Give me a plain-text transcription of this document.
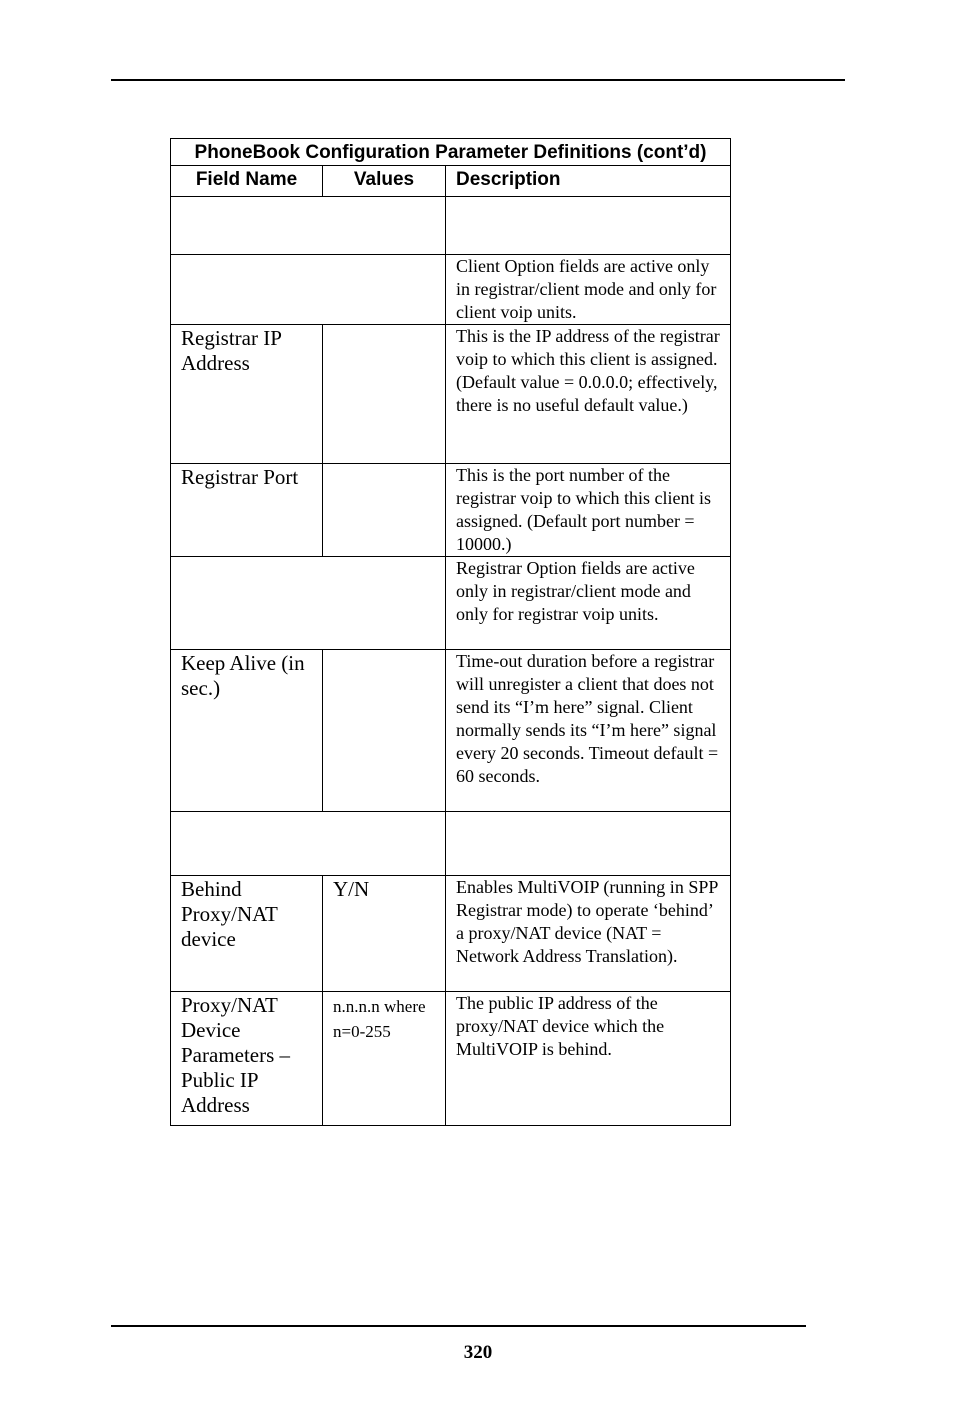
PhoneBook Configuration Parameter Definitions (cont’d)		
Field Name	Values	Description

		Client Option fields are active only in registrar/client mode and only for client voip units.
Registrar IP Address		This is the IP address of the registrar voip to which this client is assigned. (Default value = 0.0.0.0; effectively, there is no useful default value.)
Registrar Port		This is the port number of the registrar voip to which this client is assigned. (Default port number = 10000.)
		Registrar Option fields are active only in registrar/client mode and only for registrar voip units.
Keep Alive (in sec.)		Time-out duration before a registrar will unregister a client that does not send its “I’m here” signal. Client normally sends its “I’m here” signal every 20 seconds. Timeout default = 60 seconds.

Behind Proxy/NAT device	Y/N	Enables MultiVOIP (running in SPP Registrar mode) to operate ‘behind’ a proxy/NAT device (NAT = Network Address Translation).
Proxy/NAT Device Parameters – Public IP Address	n.n.n.n where n=0-255	The public IP address of the proxy/NAT device which the MultiVOIP is behind.
320
